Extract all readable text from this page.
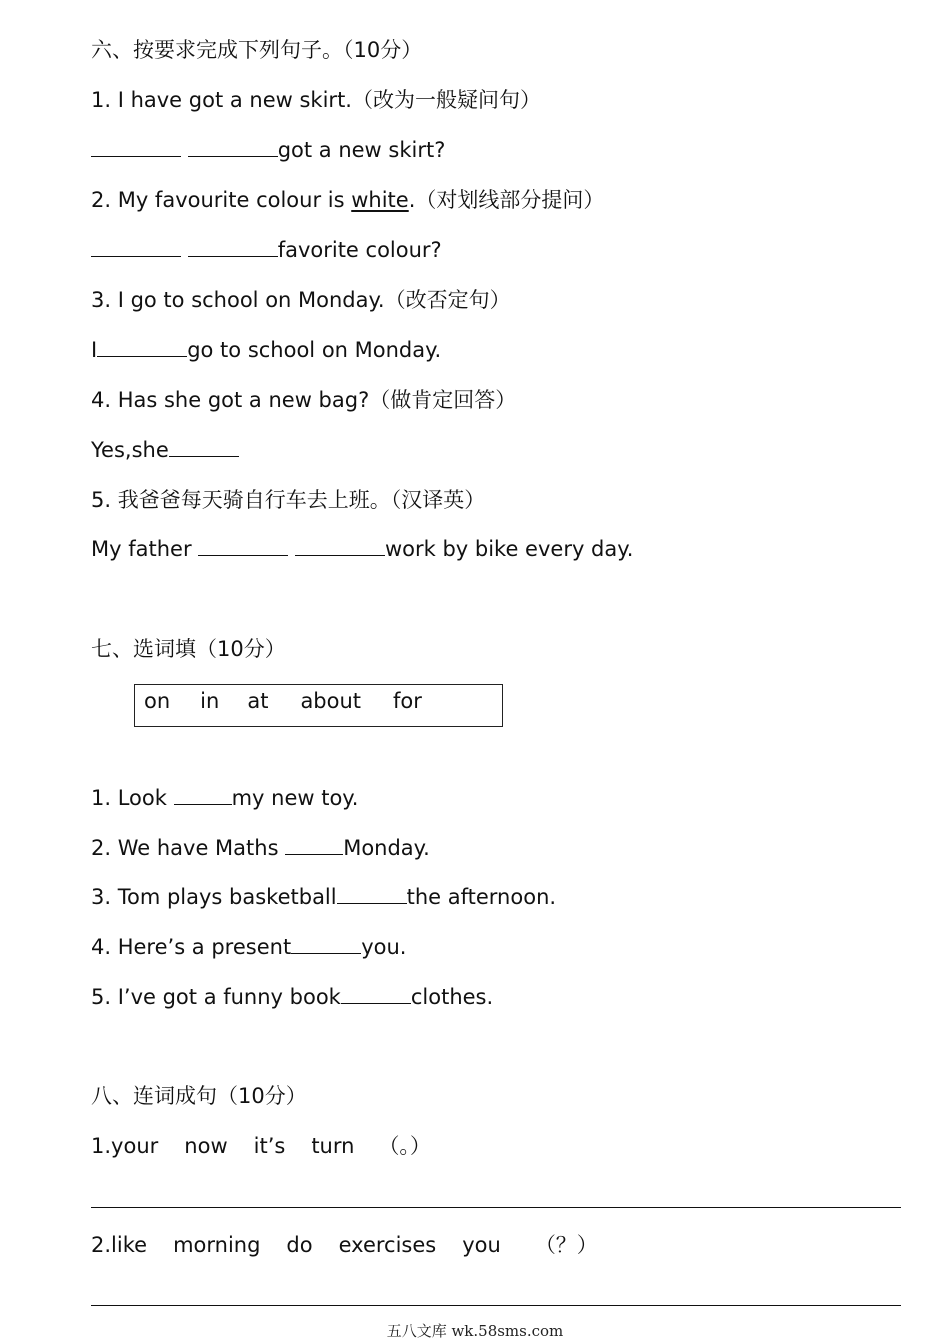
六、按要求完成下列句子。（10分）
1. I have got a new skirt.（改为一般疑问句）
got a new skirt?
2. My favourite colour is white.（对划线部分提问）
favorite colour?
3. I go to school on Monday.（改否定句）
I	go to school on Monday.
4. Has she got a new bag?（做肯定回答）
Yes,she
5. 我爸爸每天骑自行车去上班。（汉译英）
My father	work by bike every day.
七、选词填（10分）
on in at about for
1. Look	my new toy.
2. We have Maths	Monday.
3. Tom plays basketball	the afternoon.
4. Here’s a present	you.
5. I’ve got a funny book	clothes.
八、连词成句（10分）
1.your now it’s turn （。）
2.like morning do exercises you （？）
五八文库 wk.58sms.com
